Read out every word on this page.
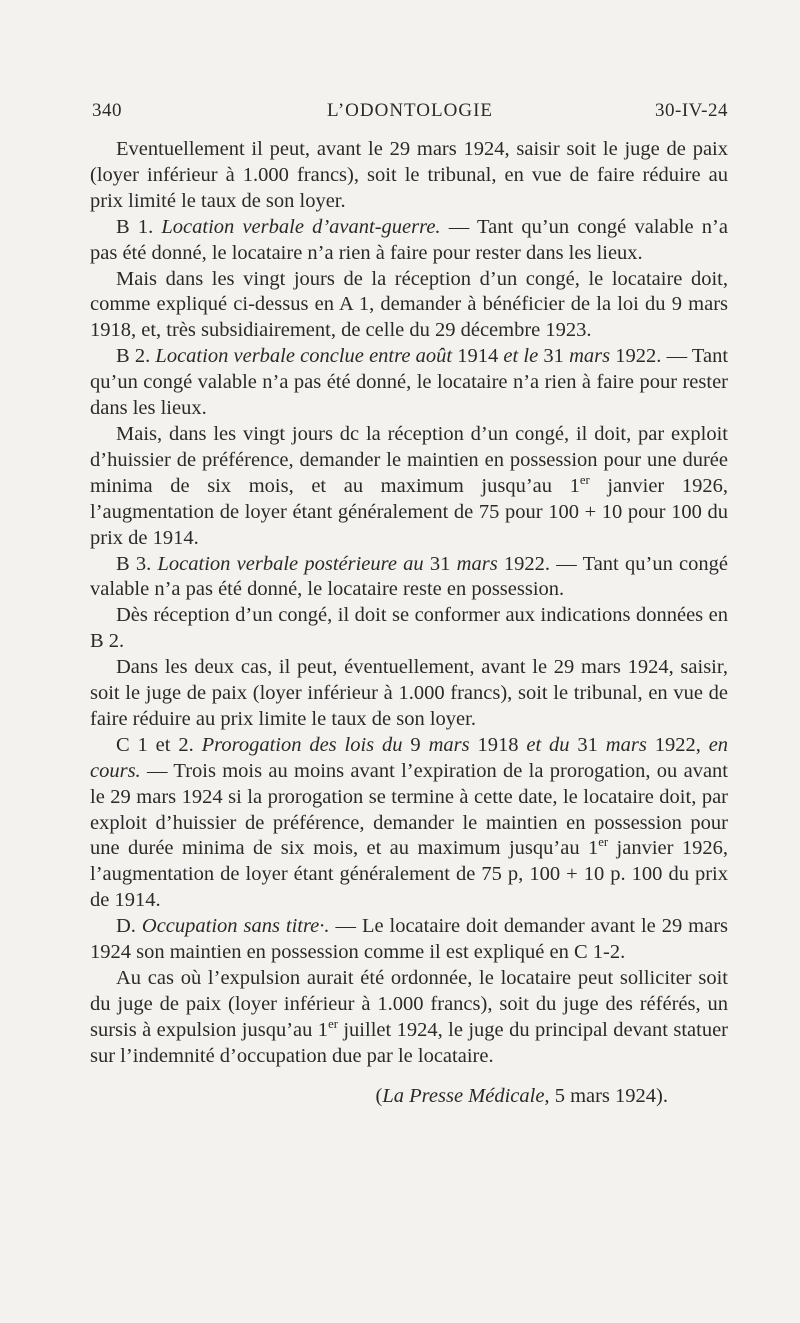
340	L’ODONTOLOGIE	30-IV-24

Eventuellement il peut, avant le 29 mars 1924, saisir soit le juge de paix (loyer inférieur à 1.000 francs), soit le tribunal, en vue de faire réduire au prix limité le taux de son loyer.

B 1. Location verbale d’avant-guerre. — Tant qu’un congé valable n’a pas été donné, le locataire n’a rien à faire pour rester dans les lieux.

Mais dans les vingt jours de la réception d’un congé, le locataire doit, comme expliqué ci-dessus en A 1, demander à bénéficier de la loi du 9 mars 1918, et, très subsidiairement, de celle du 29 décembre 1923.

B 2. Location verbale conclue entre août 1914 et le 31 mars 1922. — Tant qu’un congé valable n’a pas été donné, le locataire n’a rien à faire pour rester dans les lieux.

Mais, dans les vingt jours dc la réception d’un congé, il doit, par exploit d’huissier de préférence, demander le maintien en possession pour une durée minima de six mois, et au maximum jusqu’au 1er janvier 1926, l’augmentation de loyer étant généralement de 75 pour 100 + 10 pour 100 du prix de 1914.

B 3. Location verbale postérieure au 31 mars 1922. — Tant qu’un congé valable n’a pas été donné, le locataire reste en possession.

Dès réception d’un congé, il doit se conformer aux indications données en B 2.

Dans les deux cas, il peut, éventuellement, avant le 29 mars 1924, saisir, soit le juge de paix (loyer inférieur à 1.000 francs), soit le tribunal, en vue de faire réduire au prix limite le taux de son loyer.

C 1 et 2. Prorogation des lois du 9 mars 1918 et du 31 mars 1922, en cours. — Trois mois au moins avant l’expiration de la prorogation, ou avant le 29 mars 1924 si la prorogation se termine à cette date, le locataire doit, par exploit d’huissier de préférence, demander le maintien en possession pour une durée minima de six mois, et au maximum jusqu’au 1er janvier 1926, l’augmentation de loyer étant généralement de 75 p, 100 + 10 p. 100 du prix de 1914.

D. Occupation sans titre·. — Le locataire doit demander avant le 29 mars 1924 son maintien en possession comme il est expliqué en C 1-2.

Au cas où l’expulsion aurait été ordonnée, le locataire peut solliciter soit du juge de paix (loyer inférieur à 1.000 francs), soit du juge des référés, un sursis à expulsion jusqu’au 1er juillet 1924, le juge du principal devant statuer sur l’indemnité d’occupation due par le locataire.

(La Presse Médicale, 5 mars 1924).
